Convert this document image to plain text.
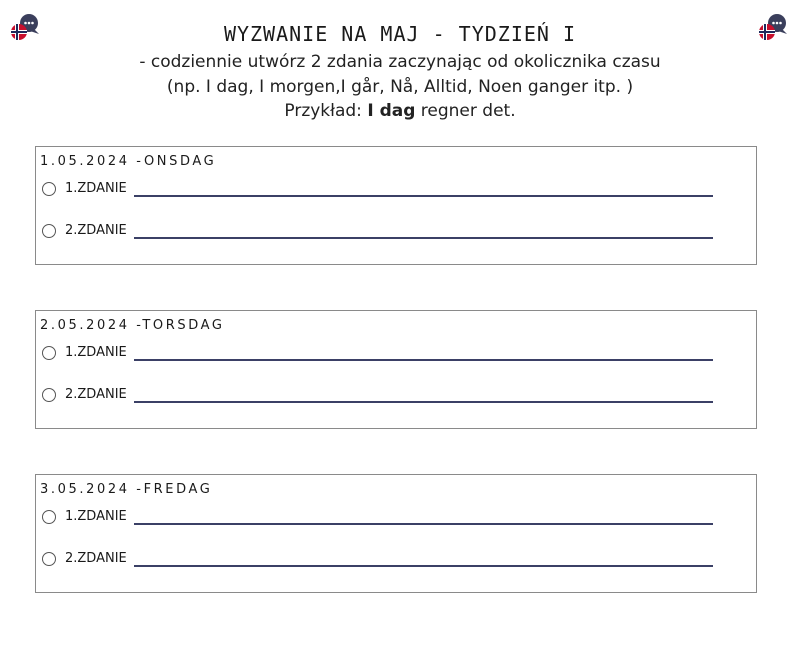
WYZWANIE NA MAJ - TYDZIEŃ I
- codziennie utwórz 2 zdania zaczynając od okolicznika czasu
(np. I dag, I morgen,I går, Nå, Alltid, Noen ganger itp. )
Przykład: I dag regner det.
1.05.2024 -ONSDAG
1.ZDANIE
2.ZDANIE
2.05.2024 -TORSDAG
1.ZDANIE
2.ZDANIE
3.05.2024 -FREDAG
1.ZDANIE
2.ZDANIE
